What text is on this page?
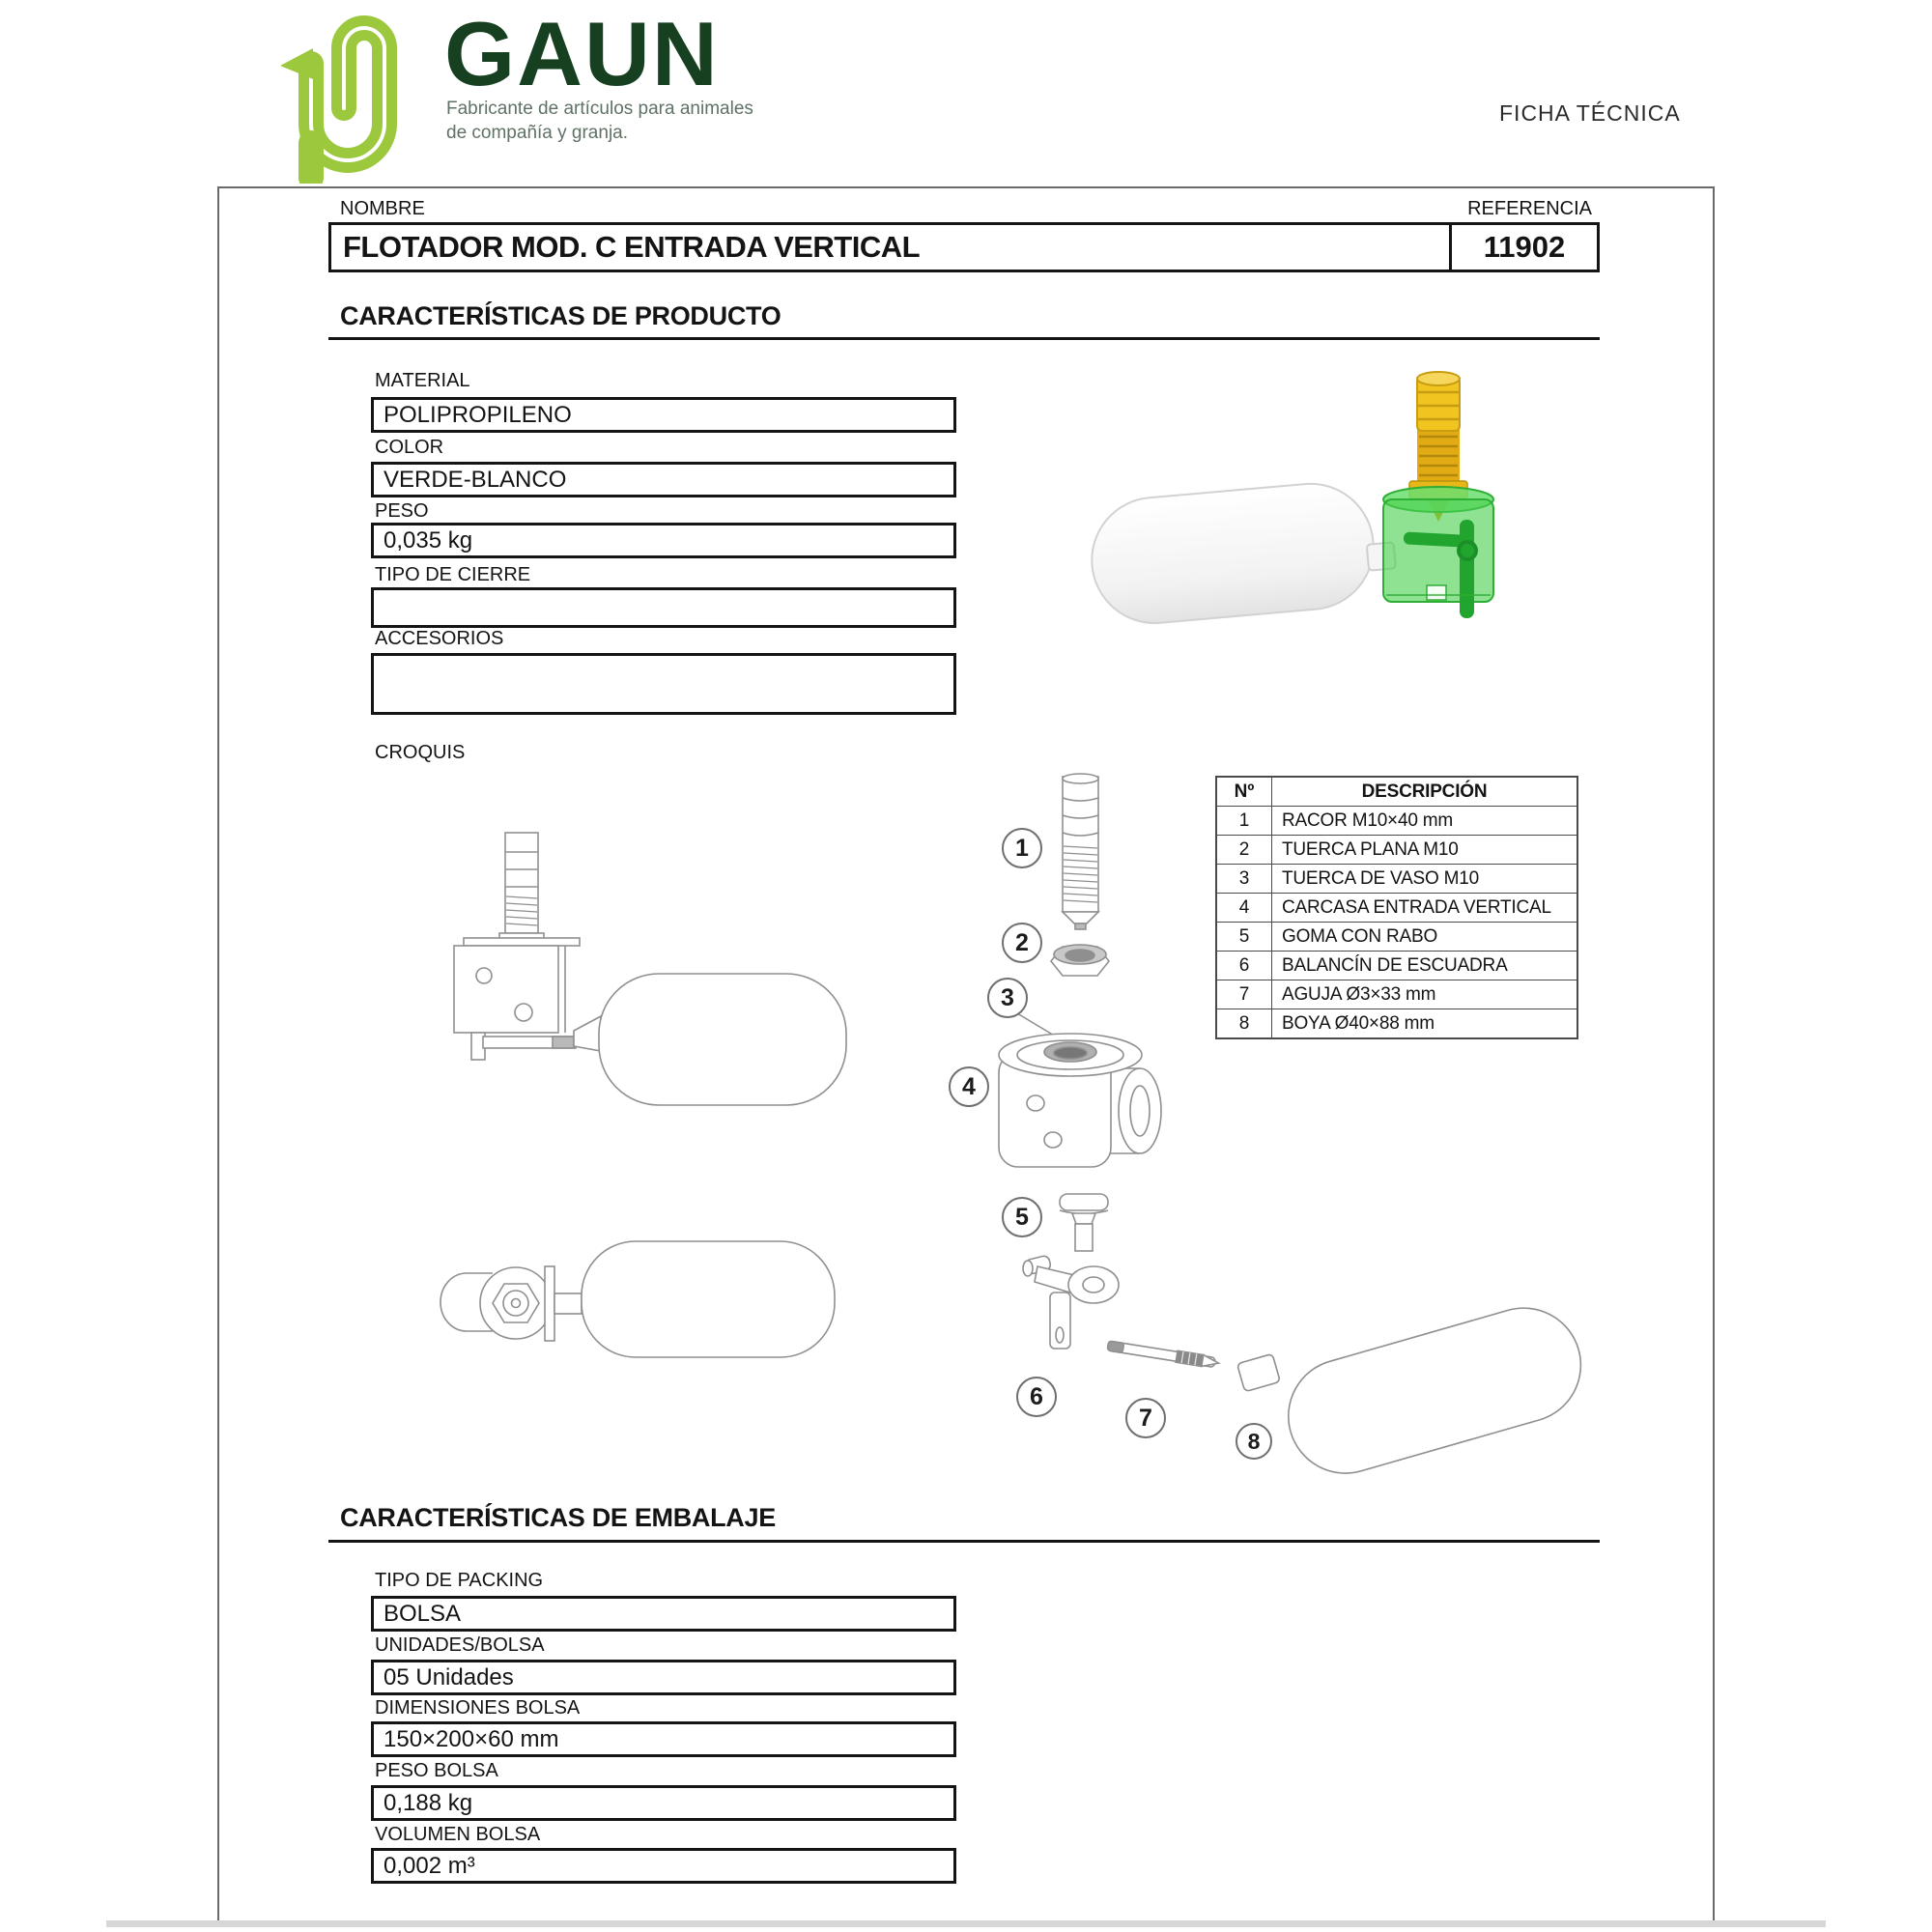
GAUN
Fabricante de artículos para animales
de compañía y granja.
FICHA TÉCNICA
NOMBRE	REFERENCIA
FLOTADOR MOD. C ENTRADA VERTICAL	11902
CARACTERÍSTICAS DE PRODUCTO
MATERIAL
POLIPROPILENO
COLOR
VERDE-BLANCO
PESO
0,035 kg
TIPO DE CIERRE
ACCESORIOS
CROQUIS
1
2
3
4
5
6
7
8
Nº	DESCRIPCIÓN
1	RACOR M10×40 mm
2	TUERCA PLANA M10
3	TUERCA DE VASO M10
4	CARCASA ENTRADA VERTICAL
5	GOMA CON RABO
6	BALANCÍN DE ESCUADRA
7	AGUJA Ø3×33 mm
8	BOYA Ø40×88 mm
CARACTERÍSTICAS DE EMBALAJE
TIPO DE PACKING
BOLSA
UNIDADES/BOLSA
05 Unidades
DIMENSIONES BOLSA
150×200×60 mm
PESO BOLSA
0,188 kg
VOLUMEN BOLSA
0,002 m³
